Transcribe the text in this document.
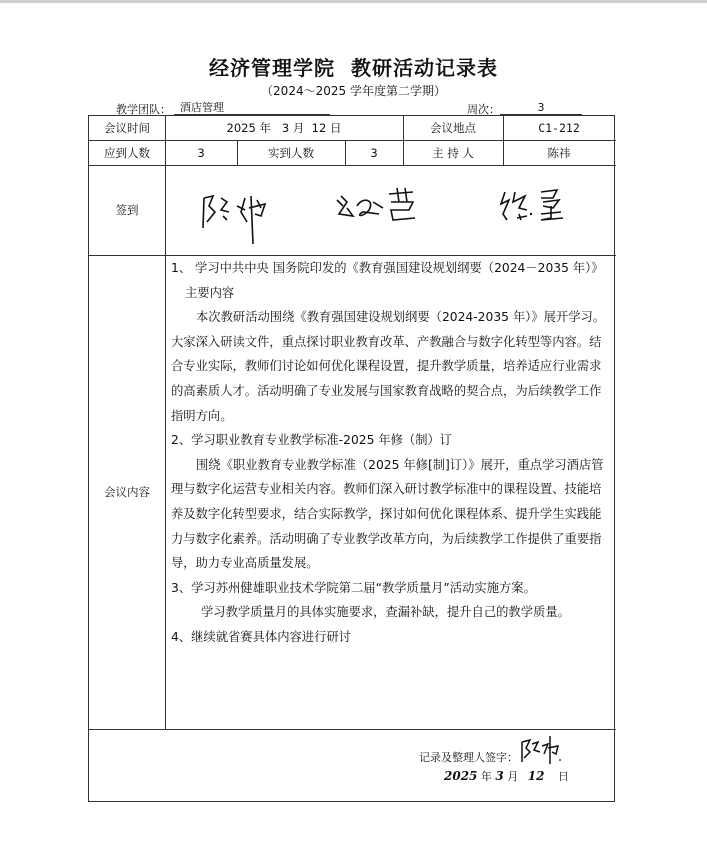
经济管理学院  教研活动记录表
（2024～2025 学年度第二学期）
教学团队： 酒店管理	周次：	3
会议时间	2025 年   3 月  12 日	会议地点	C1-212
应到人数	3	实到人数	3	主 持 人	陈祎
签到
会议内容

1、 学习中共中央 国务院印发的《教育强国建设规划纲要（2024－2035 年）》主要内容

本次教研活动围绕《教育强国建设规划纲要（2024-2035 年）》展开学习。大家深入研读文件，重点探讨职业教育改革、产教融合与数字化转型等内容。结合专业实际，教师们讨论如何优化课程设置，提升教学质量，培养适应行业需求的高素质人才。活动明确了专业发展与国家教育战略的契合点，为后续教学工作指明方向。

2、学习职业教育专业教学标准-2025 年修（制）订

围绕《职业教育专业教学标准（2025 年修[制]订）》展开，重点学习酒店管理与数字化运营专业相关内容。教师们深入研讨教学标准中的课程设置、技能培养及数字化转型要求，结合实际教学，探讨如何优化课程体系、提升学生实践能力与数字化素养。活动明确了专业教学改革方向，为后续教学工作提供了重要指导，助力专业高质量发展。

3、学习苏州健雄职业技术学院第二届“教学质量月”活动实施方案。

学习教学质量月的具体实施要求，查漏补缺，提升自己的教学质量。

4、继续就省赛具体内容进行研讨

记录及整理人签字：
2025 年 3 月 12 日
